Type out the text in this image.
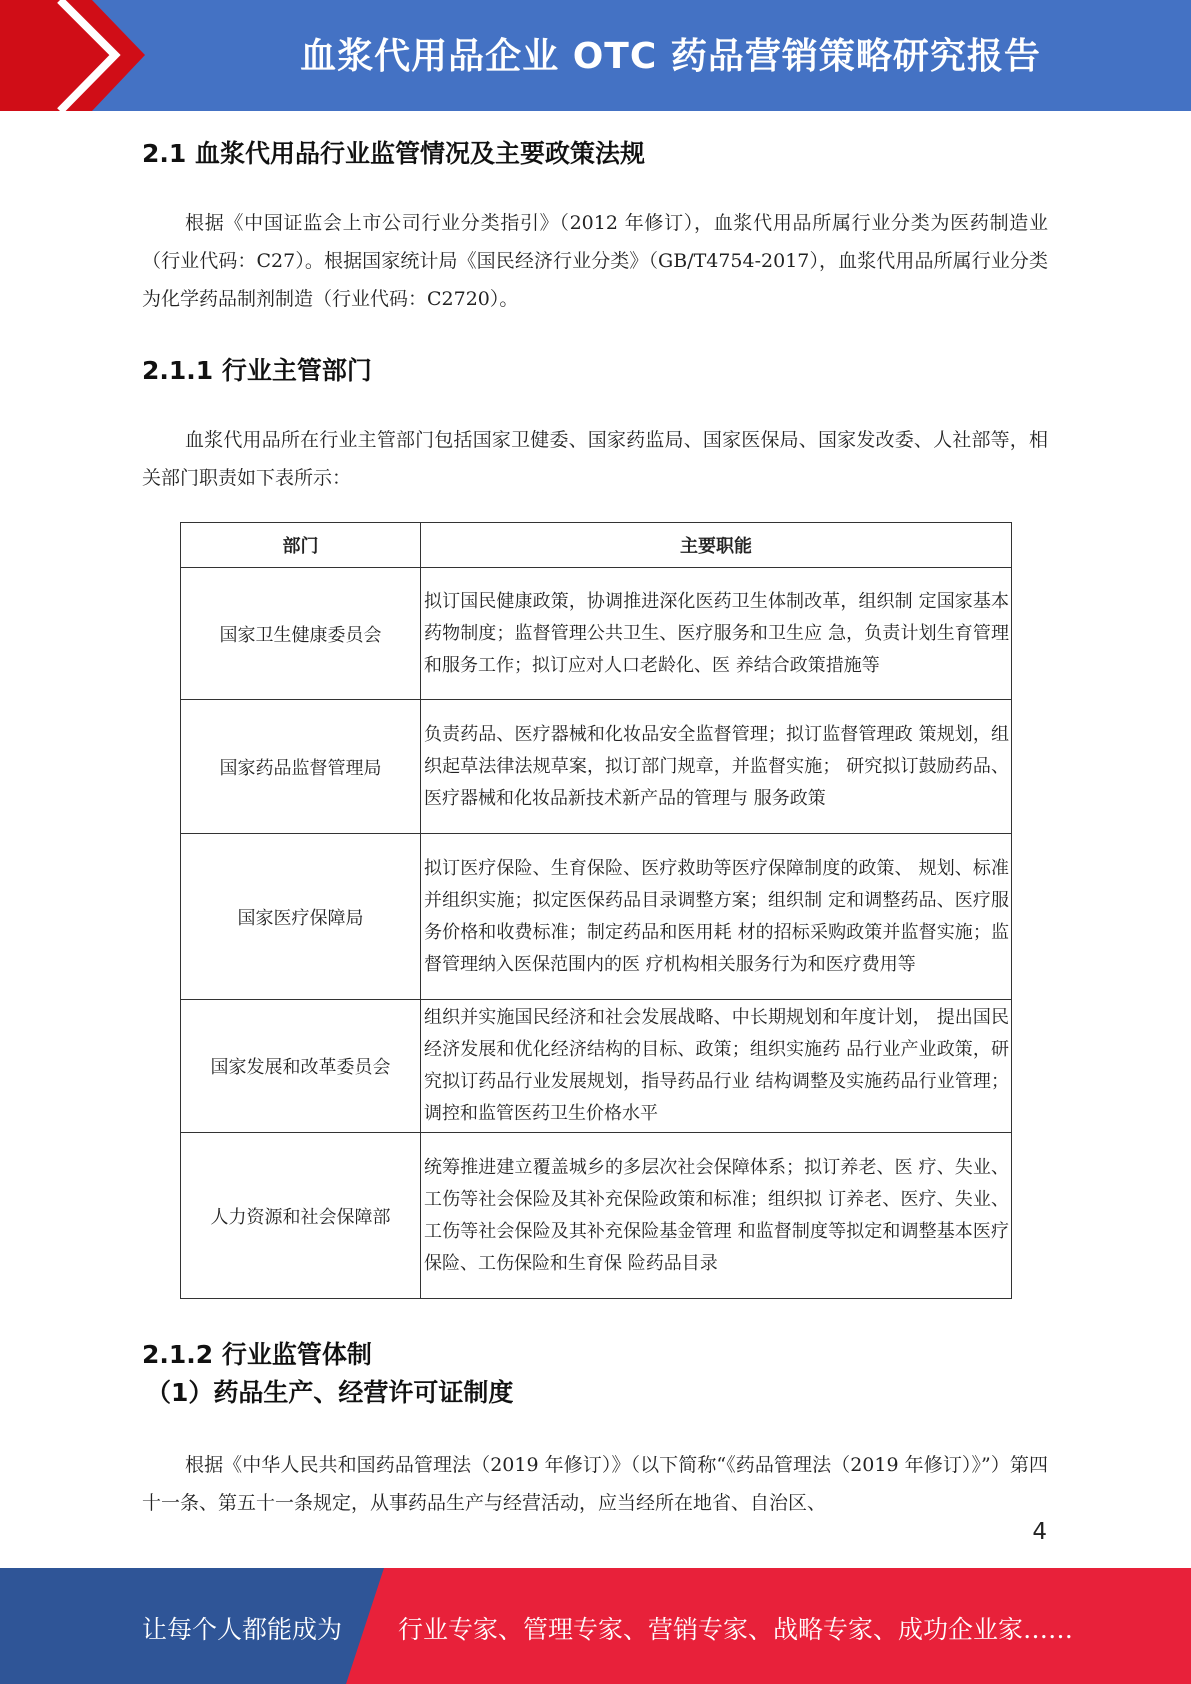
血浆代用品企业 OTC 药品营销策略研究报告
2.1 血浆代用品行业监管情况及主要政策法规
根据《中国证监会上市公司行业分类指引》（2012 年修订），血浆代用品所属行业分类为医药制造业（行业代码：C27）。根据国家统计局《国民经济行业分类》（GB/T4754-2017），血浆代用品所属行业分类为化学药品制剂制造（行业代码：C2720）。
2.1.1 行业主管部门
血浆代用品所在行业主管部门包括国家卫健委、国家药监局、国家医保局、国家发改委、人社部等，相关部门职责如下表所示：
部门	主要职能
国家卫生健康委员会	拟订国民健康政策，协调推进深化医药卫生体制改革，组织制 定国家基本药物制度；监督管理公共卫生、医疗服务和卫生应 急，负责计划生育管理和服务工作；拟订应对人口老龄化、医 养结合政策措施等
国家药品监督管理局	负责药品、医疗器械和化妆品安全监督管理；拟订监督管理政 策规划，组织起草法律法规草案，拟订部门规章，并监督实施； 研究拟订鼓励药品、医疗器械和化妆品新技术新产品的管理与 服务政策
国家医疗保障局	拟订医疗保险、生育保险、医疗救助等医疗保障制度的政策、 规划、标准并组织实施；拟定医保药品目录调整方案；组织制 定和调整药品、医疗服务价格和收费标准；制定药品和医用耗 材的招标采购政策并监督实施；监督管理纳入医保范围内的医 疗机构相关服务行为和医疗费用等
国家发展和改革委员会	组织并实施国民经济和社会发展战略、中长期规划和年度计划， 提出国民经济发展和优化经济结构的目标、政策；组织实施药 品行业产业政策，研究拟订药品行业发展规划，指导药品行业 结构调整及实施药品行业管理；调控和监管医药卫生价格水平
人力资源和社会保障部	统筹推进建立覆盖城乡的多层次社会保障体系；拟订养老、医 疗、失业、工伤等社会保险及其补充保险政策和标准；组织拟 订养老、医疗、失业、工伤等社会保险及其补充保险基金管理 和监督制度等拟定和调整基本医疗保险、工伤保险和生育保 险药品目录
2.1.2 行业监管体制
（1）药品生产、经营许可证制度
根据《中华人民共和国药品管理法（2019 年修订）》（以下简称“《药品管理法（2019 年修订）》”）第四十一条、第五十一条规定，从事药品生产与经营活动，应当经所在地省、自治区、
4
让每个人都能成为 行业专家、管理专家、营销专家、战略专家、成功企业家……
